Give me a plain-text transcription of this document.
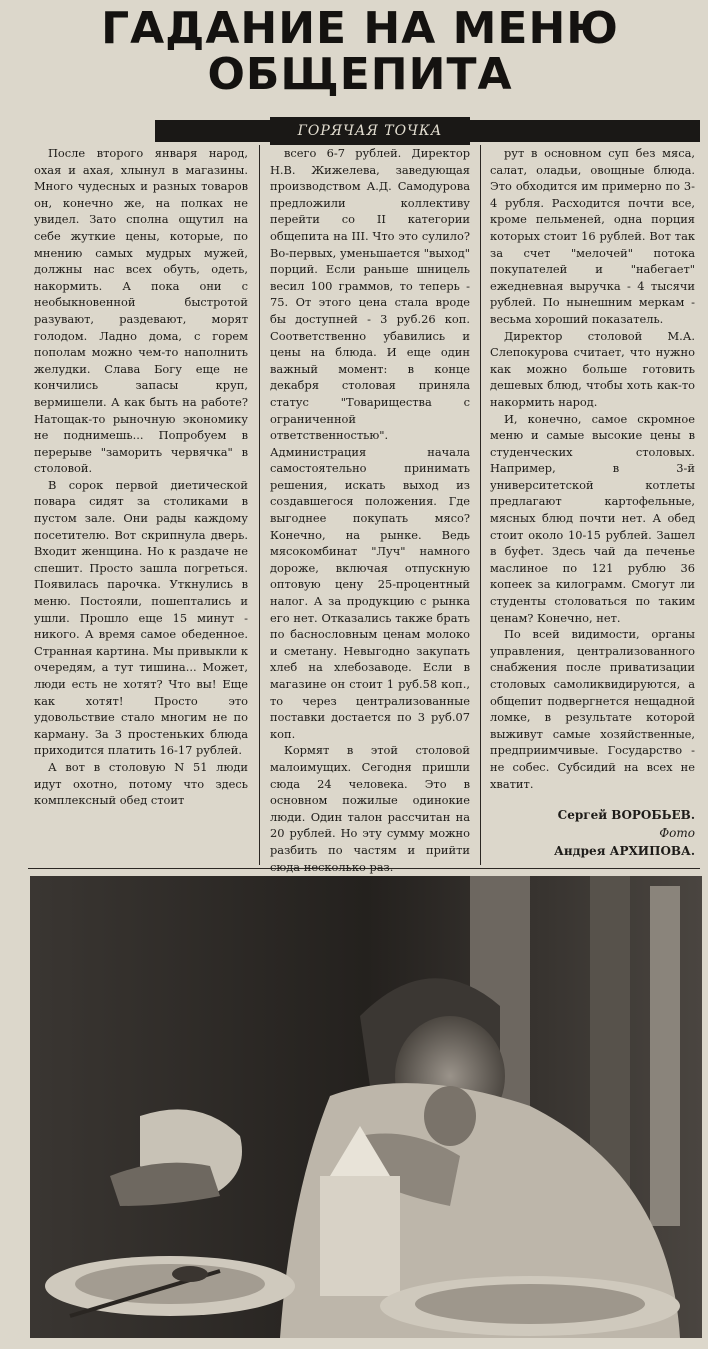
ГАДАНИЕ НА МЕНЮ
ОБЩЕПИТА
ГОРЯЧАЯ ТОЧКА

После второго января народ, охая и ахая, хлынул в магазины. Много чудесных и разных товаров он, конечно же, на полках не увидел. Зато сполна ощутил на себе жуткие цены, которые, по мнению самых мудрых мужей, должны нас всех обуть, одеть, накормить. А пока они с необыкновенной быстротой разувают, раздевают, морят голодом. Ладно дома, с горем пополам можно чем-то наполнить желудки. Слава Богу еще не кончились запасы круп, вермишели. А как быть на работе? Натощак-то рыночную экономику не поднимешь... Попробуем в перерыве "заморить червячка" в столовой.

В сорок первой диетической повара сидят за столиками в пустом зале. Они рады каждому посетителю. Вот скрипнула дверь. Входит женщина. Но к раздаче не спешит. Просто зашла погреться. Появилась парочка. Уткнулись в меню. Постояли, пошептались и ушли. Прошло еще 15 минут - никого. А время самое обеденное. Странная картина. Мы привыкли к очередям, а тут тишина... Может, люди есть не хотят? Что вы! Еще как хотят! Просто это удовольствие стало многим не по карману. За 3 простеньких блюда приходится платить 16-17 рублей.

А вот в столовую N 51 люди идут охотно, потому что здесь комплексный обед стоит

всего 6-7 рублей. Директор Н.В. Жижелева, заведующая производством А.Д. Самодурова предложили коллективу перейти со II категории общепита на III. Что это сулило? Во-первых, уменьшается "выход" порций. Если раньше шницель весил 100 граммов, то теперь - 75. От этого цена стала вроде бы доступней - 3 руб.26 коп. Соответственно убавились и цены на блюда. И еще один важный момент: в конце декабря столовая приняла статус "Товарищества с ограниченной ответственностью". Администрация начала самостоятельно принимать решения, искать выход из создавшегося положения. Где выгоднее покупать мясо? Конечно, на рынке. Ведь мясокомбинат "Луч" намного дороже, включая отпускную оптовую цену 25-процентный налог. А за продукцию с рынка его нет. Отказались также брать по баснословным ценам молоко и сметану. Невыгодно закупать хлеб на хлебозаводе. Если в магазине он стоит 1 руб.58 коп., то через централизованные поставки достается по 3 руб.07 коп.

Кормят в этой столовой малоимущих. Сегодня пришли сюда 24 человека. Это в основном пожилые одинокие люди. Один талон рассчитан на 20 рублей. Но эту сумму можно разбить по частям и прийти сюда несколько раз.

рут в основном суп без мяса, салат, оладьи, овощные блюда. Это обходится им примерно по 3-4 рубля. Расходится почти все, кроме пельменей, одна порция которых стоит 16 рублей. Вот так за счет "мелочей" потока покупателей и "набегает" ежедневная выручка - 4 тысячи рублей. По нынешним меркам - весьма хороший показатель.

Директор столовой М.А. Слепокурова считает, что нужно как можно больше готовить дешевых блюд, чтобы хоть как-то накормить народ.

И, конечно, самое скромное меню и самые высокие цены в студенческих столовых. Например, в 3-й университетской котлеты предлагают картофельные, мясных блюд почти нет. А обед стоит около 10-15 рублей. Зашел в буфет. Здесь чай да печенье маслиное по 121 рублю 36 копеек за килограмм. Смогут ли студенты столоваться по таким ценам? Конечно, нет.

По всей видимости, органы управления, централизованного снабжения после приватизации столовых самоликвидируются, а общепит подвергнется нещадной ломке, в результате которой выживут самые хозяйственные, предприимчивые. Государство - не собес. Субсидий на всех не хватит.

Сергей ВОРОБЬЕВ.
Фото
Андрея АРХИПОВА.
